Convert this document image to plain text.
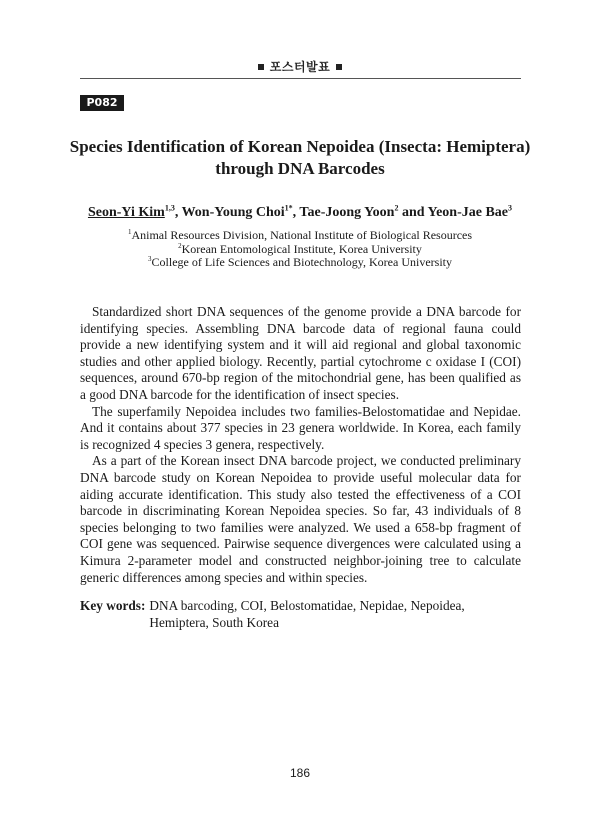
포스터발표
P082
Species Identification of Korean Nepoidea (Insecta: Hemiptera)
through DNA Barcodes
Seon-Yi Kim$^{1,3}$, Won-Young Choi$^{1*}$, Tae-Joong Yoon$^2$ and Yeon-Jae Bae$^3$
$^1$Animal Resources Division, National Institute of Biological Resources
$^2$Korean Entomological Institute, Korea University
$^3$College of Life Sciences and Biotechnology, Korea University

Standardized short DNA sequences of the genome provide a DNA barcode for identifying species. Assembling DNA barcode data of regional fauna could provide a new identifying system and it will aid regional and global taxonomic studies and other applied biology. Recently, partial cytochrome c oxidase I (COI) sequences, around 670-bp region of the mitochondrial gene, has been qualified as a good DNA barcode for the identification of insect species.

The superfamily Nepoidea includes two families-Belostomatidae and Nepidae. And it contains about 377 species in 23 genera worldwide. In Korea, each family is recognized 4 species 3 genera, respectively.

As a part of the Korean insect DNA barcode project, we conducted preliminary DNA barcode study on Korean Nepoidea to provide useful molecular data for aiding accurate identification. This study also tested the effectiveness of a COI barcode in discriminating Korean Nepoidea species. So far, 43 individuals of 8 species belonging to two families were analyzed. We used a 658-bp fragment of COI gene was sequenced. Pairwise sequence divergences were calculated using a Kimura 2-parameter model and constructed neighbor-joining tree to calculate generic differences among species and within species.

Key words: DNA barcoding, COI, Belostomatidae, Nepidae, Nepoidea, Hemiptera, South Korea
186
